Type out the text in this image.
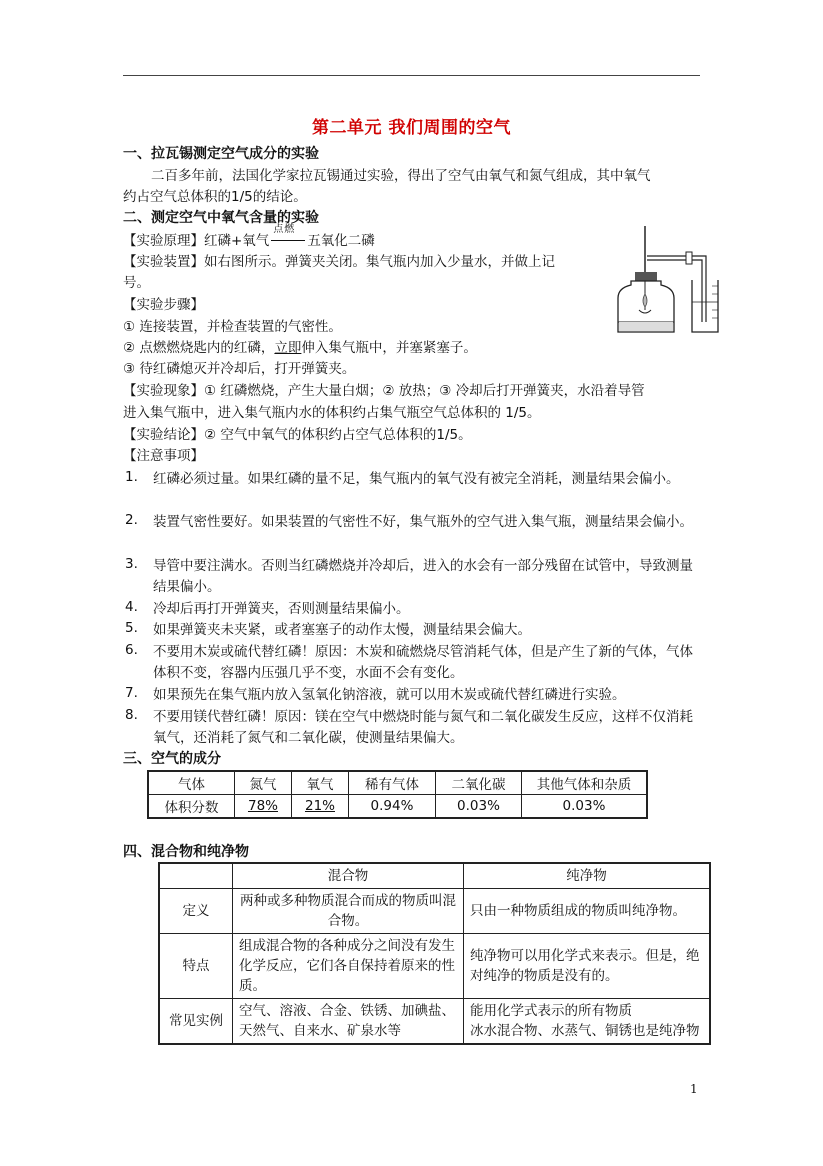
第二单元 我们周围的空气
一、拉瓦锡测定空气成分的实验
二百多年前，法国化学家拉瓦锡通过实验，得出了空气由氧气和氮气组成，其中氧气
约占空气总体积的1/5的结论。
二、测定空气中氧气含量的实验
【实验原理】红磷+氧气
点燃
五氧化二磷
【实验装置】如右图所示。弹簧夹关闭。集气瓶内加入少量水，并做上记
号。
【实验步骤】
① 连接装置，并检查装置的气密性。
② 点燃燃烧匙内的红磷，立即伸入集气瓶中，并塞紧塞子。
③ 待红磷熄灭并冷却后，打开弹簧夹。
【实验现象】① 红磷燃烧，产生大量白烟；② 放热；③ 冷却后打开弹簧夹，水沿着导管
进入集气瓶中，进入集气瓶内水的体积约占集气瓶空气总体积的 1/5。
【实验结论】② 空气中氧气的体积约占空气总体积的1/5。
【注意事项】
1. 红磷必须过量。如果红磷的量不足，集气瓶内的氧气没有被完全消耗，测量结果会偏小。
2. 装置气密性要好。如果装置的气密性不好，集气瓶外的空气进入集气瓶，测量结果会偏小。
3. 导管中要注满水。否则当红磷燃烧并冷却后，进入的水会有一部分残留在试管中，导致测量结果偏小。
4. 冷却后再打开弹簧夹，否则测量结果偏小。
5. 如果弹簧夹未夹紧，或者塞塞子的动作太慢，测量结果会偏大。
6. 不要用木炭或硫代替红磷！原因：木炭和硫燃烧尽管消耗气体，但是产生了新的气体，气体体积不变，容器内压强几乎不变，水面不会有变化。
7. 如果预先在集气瓶内放入氢氧化钠溶液，就可以用木炭或硫代替红磷进行实验。
8. 不要用镁代替红磷！原因：镁在空气中燃烧时能与氮气和二氧化碳发生反应，这样不仅消耗氧气，还消耗了氮气和二氧化碳，使测量结果偏大。
三、空气的成分
气体	氮气	氧气	稀有气体	二氧化碳	其他气体和杂质
体积分数	78%	21%	0.94%	0.03%	0.03%
四、混合物和纯净物
	混合物	纯净物
定义	两种或多种物质混合而成的物质叫混合物。	只由一种物质组成的物质叫纯净物。
特点	组成混合物的各种成分之间没有发生化学反应，它们各自保持着原来的性质。	纯净物可以用化学式来表示。但是，绝对纯净的物质是没有的。
常见实例	空气、溶液、合金、铁锈、加碘盐、天然气、自来水、矿泉水等	能用化学式表示的所有物质
冰水混合物、水蒸气、铜锈也是纯净物
1
